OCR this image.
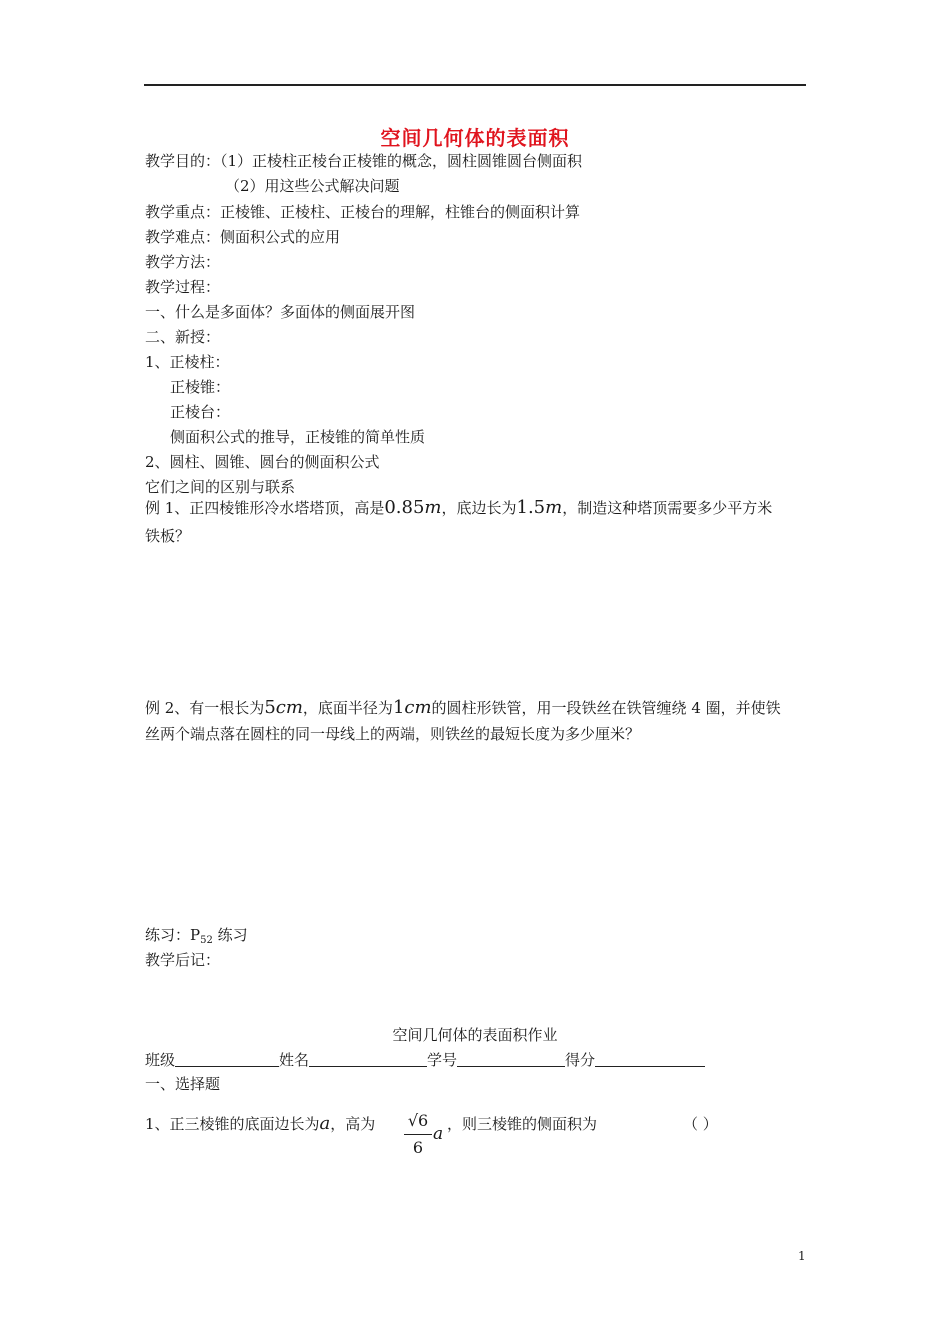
空间几何体的表面积
教学目的：（1）正棱柱正棱台正棱锥的概念，圆柱圆锥圆台侧面积
（2）用这些公式解决问题
教学重点：正棱锥、正棱柱、正棱台的理解，柱锥台的侧面积计算
教学难点：侧面积公式的应用
教学方法：
教学过程：
一、什么是多面体？多面体的侧面展开图
二、新授：
1、正棱柱：
正棱锥：
正棱台：
侧面积公式的推导，正棱锥的简单性质
2、圆柱、圆锥、圆台的侧面积公式
它们之间的区别与联系
例 1、正四棱锥形冷水塔塔顶，高是0.85m，底边长为1.5m，制造这种塔顶需要多少平方米
铁板？
例 2、有一根长为5cm，底面半径为1cm的圆柱形铁管，用一段铁丝在铁管缠绕 4 圈，并使铁
丝两个端点落在圆柱的同一母线上的两端，则铁丝的最短长度为多少厘米？
练习：$P_{52}$ 练习
教学后记：
空间几何体的表面积作业
班级	姓名	学号	得分
一、选择题
1、正三棱锥的底面边长为a，高为 √6
6
a ，则三棱锥的侧面积为	（ ）
1
